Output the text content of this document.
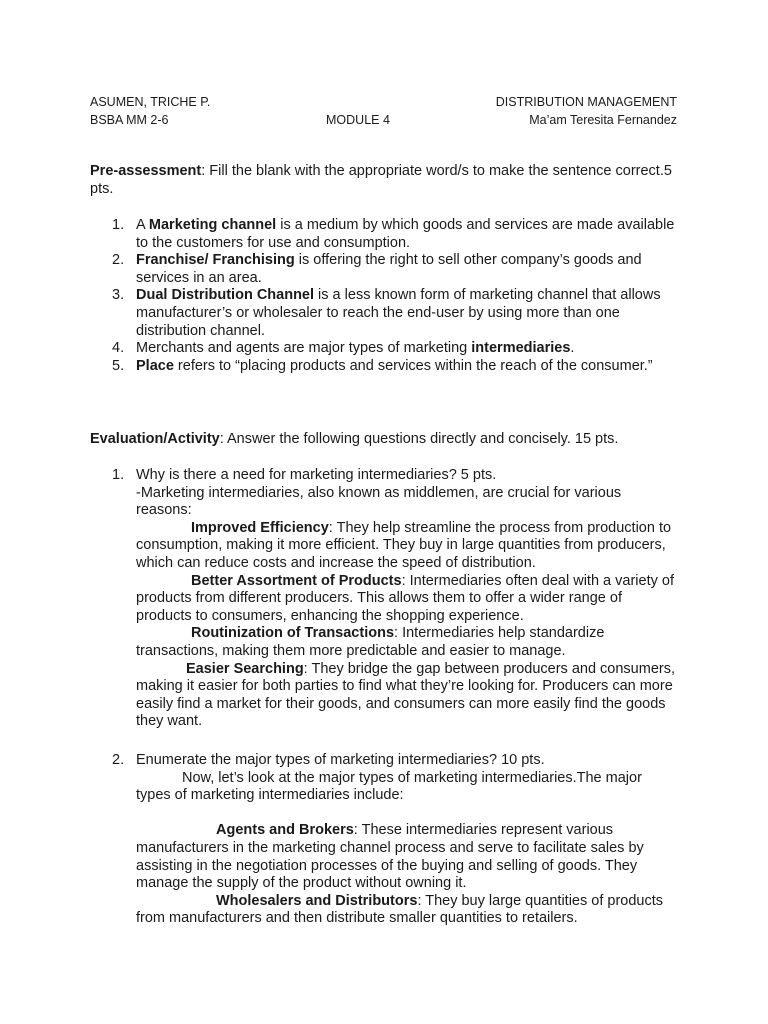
ASUMEN, TRICHE P.
BSBA MM 2-6	MODULE 4
DISTRIBUTION MANAGEMENT
Ma’am Teresita Fernandez
Pre-assessment: Fill the blank with the appropriate word/s to make the sentence correct.5 pts.
1. A Marketing channel is a medium by which goods and services are made available to the customers for use and consumption.
2. Franchise/ Franchising is offering the right to sell other company’s goods and services in an area.
3. Dual Distribution Channel is a less known form of marketing channel that allows manufacturer’s or wholesaler to reach the end-user by using more than one distribution channel.
4. Merchants and agents are major types of marketing intermediaries.
5. Place refers to “placing products and services within the reach of the consumer.”
Evaluation/Activity: Answer the following questions directly and concisely. 15 pts.
1. Why is there a need for marketing intermediaries? 5 pts.
-Marketing intermediaries, also known as middlemen, are crucial for various reasons:
Improved Efficiency: They help streamline the process from production to consumption, making it more efficient. They buy in large quantities from producers, which can reduce costs and increase the speed of distribution.
Better Assortment of Products: Intermediaries often deal with a variety of products from different producers. This allows them to offer a wider range of products to consumers, enhancing the shopping experience.
Routinization of Transactions: Intermediaries help standardize transactions, making them more predictable and easier to manage.
Easier Searching: They bridge the gap between producers and consumers, making it easier for both parties to find what they’re looking for. Producers can more easily find a market for their goods, and consumers can more easily find the goods they want.
2. Enumerate the major types of marketing intermediaries? 10 pts.
Now, let’s look at the major types of marketing intermediaries.The major types of marketing intermediaries include:
Agents and Brokers: These intermediaries represent various manufacturers in the marketing channel process and serve to facilitate sales by assisting in the negotiation processes of the buying and selling of goods. They manage the supply of the product without owning it.
Wholesalers and Distributors: They buy large quantities of products from manufacturers and then distribute smaller quantities to retailers.
